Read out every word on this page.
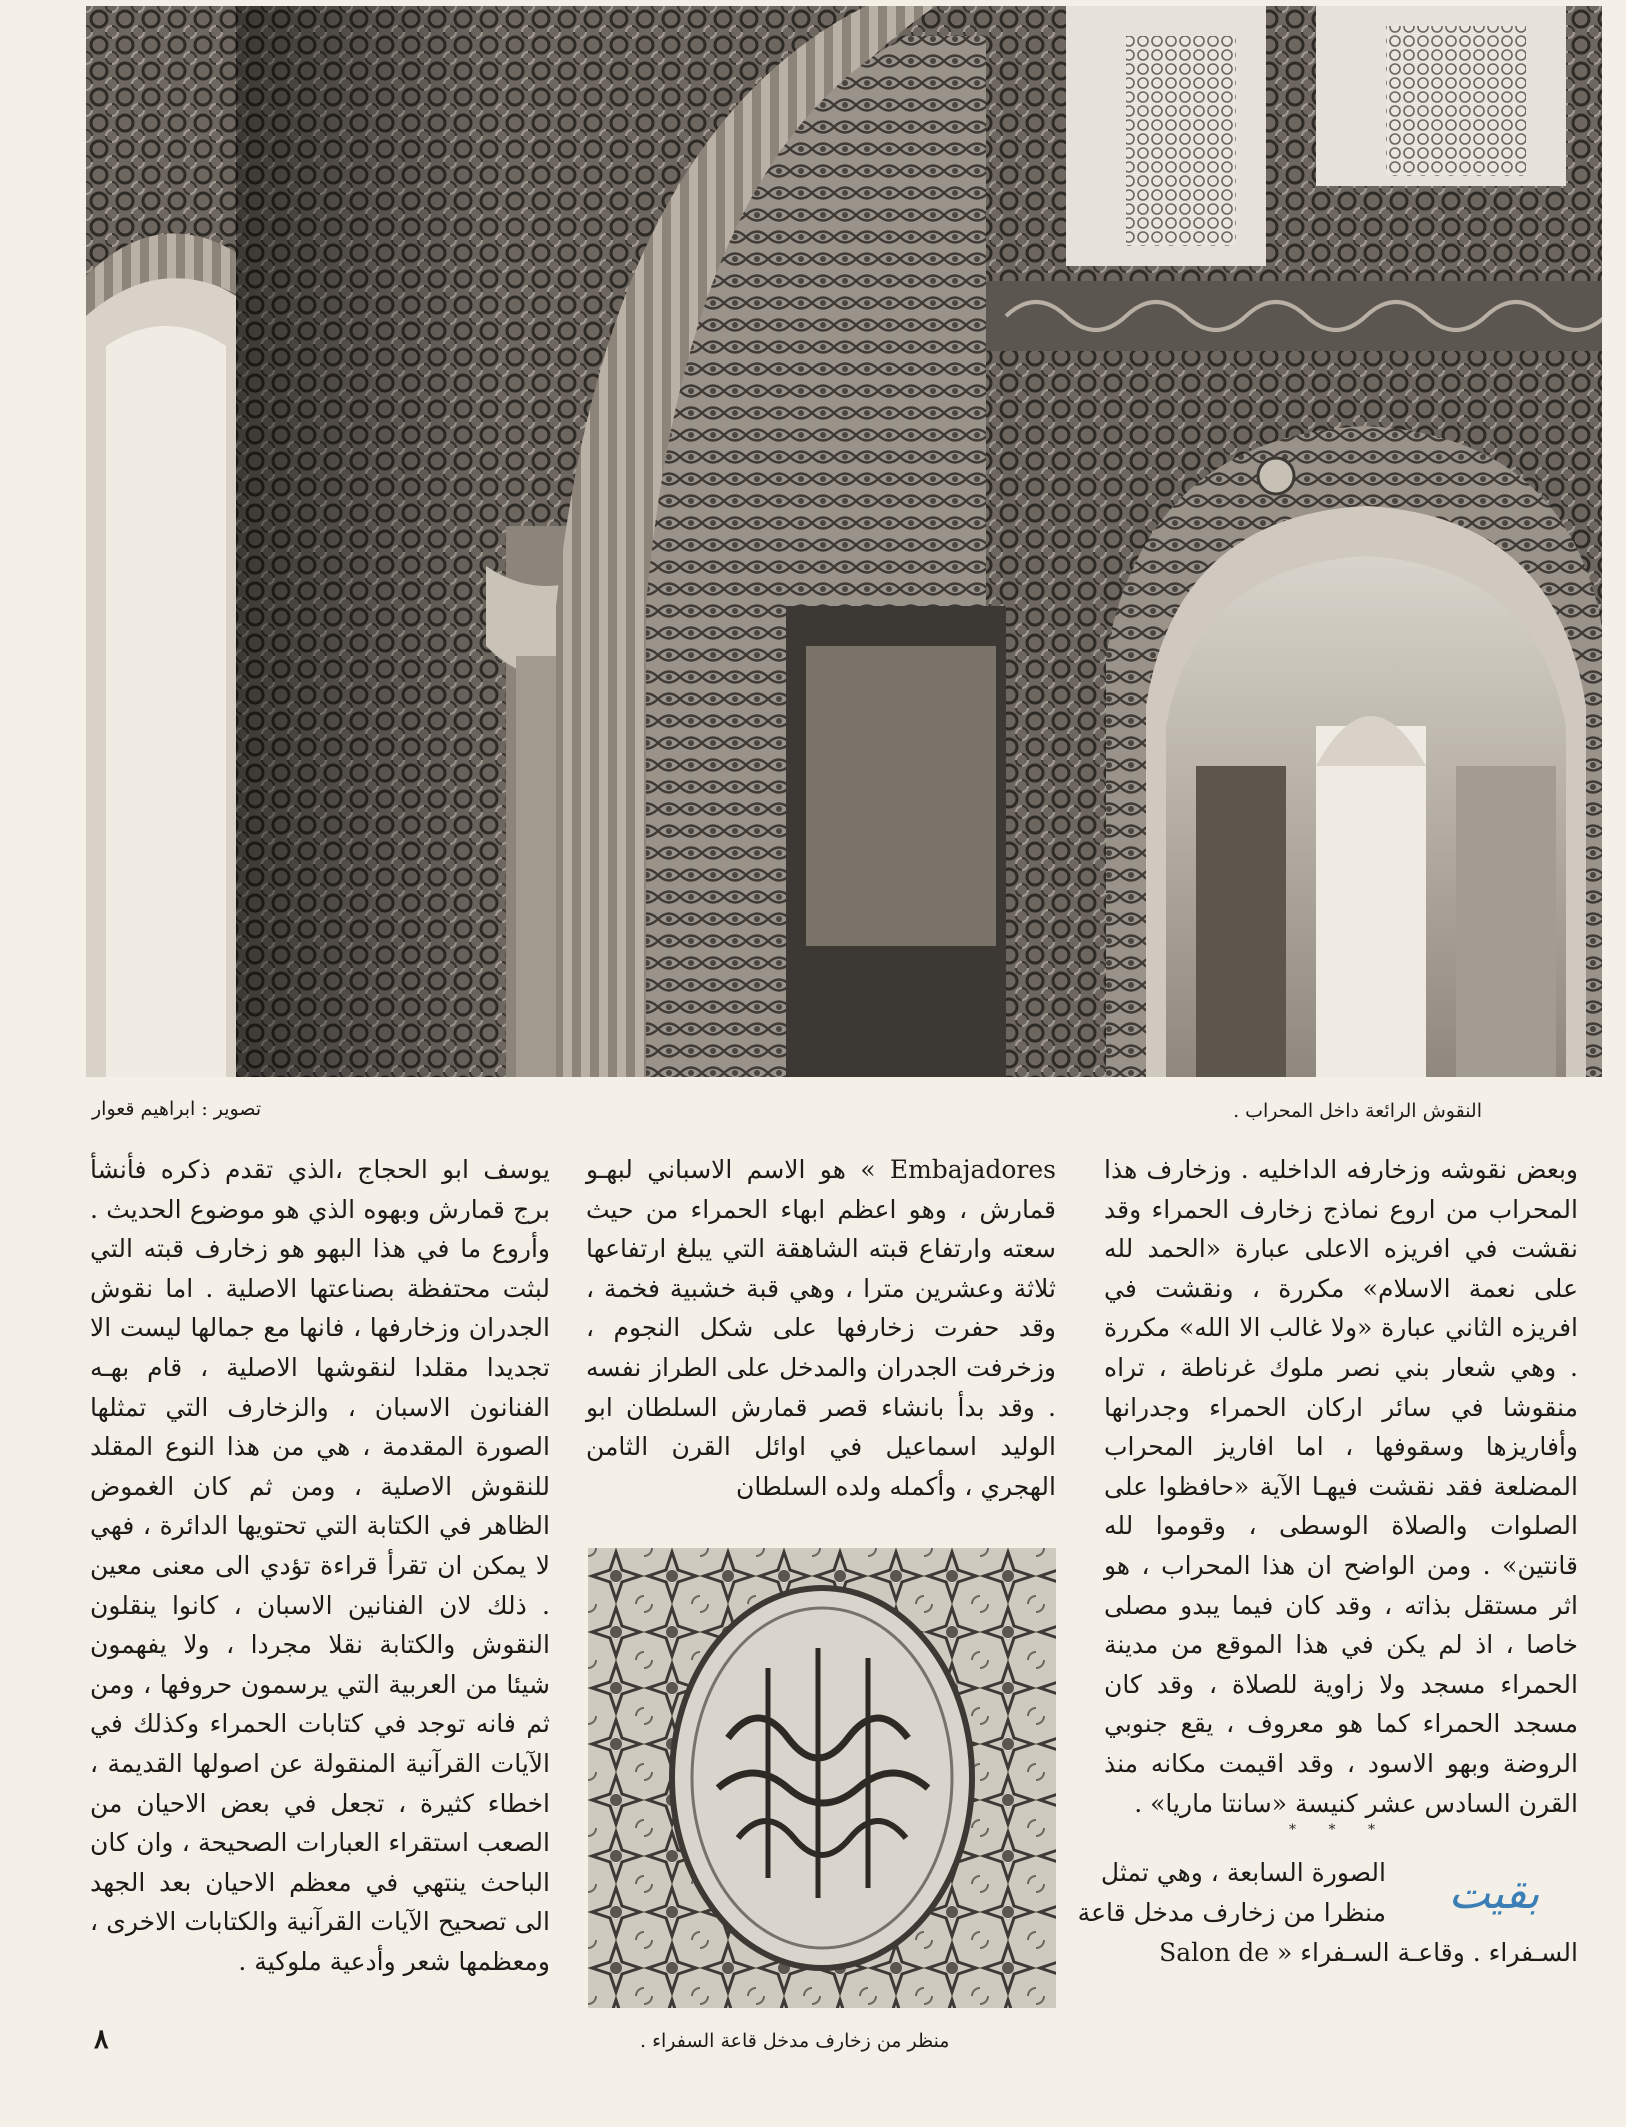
النقوش الرائعة داخل المحراب .
تصوير : ابراهيم قعوار

وبعض نقوشه وزخارفه الداخليه . وزخارف هذا المحراب من اروع نماذج زخارف الحمراء وقد نقشت في افريزه الاعلى عبارة «الحمد لله على نعمة الاسلام» مكررة ، ونقشت في افريزه الثاني عبارة «ولا غالب الا الله» مكررة . وهي شعار بني نصر ملوك غرناطة ، تراه منقوشا في سائر اركان الحمراء وجدرانها وأفاريزها وسقوفها ، اما افاريز المحراب المضلعة فقد نقشت فيهـا الآية «حافظوا على الصلوات والصلاة الوسطى ، وقوموا لله قانتين» . ومن الواضح ان هذا المحراب ، هو اثر مستقل بذاته ، وقد كان فيما يبدو مصلى خاصا ، اذ لم يكن في هذا الموقع من مدينة الحمراء مسجد ولا زاوية للصلاة ، وقد كان مسجد الحمراء كما هو معروف ، يقع جنوبي الروضة وبهو الاسود ، وقد اقيمت مكانه منذ القرن السادس عشر كنيسة «سانتا ماريا» .

* * *
بقيت
الصورة السابعة ، وهي تمثل
منظرا من زخارف مدخل قاعة
السـفراء . وقاعـة السـفراء « Salon de

Embajadores » هو الاسم الاسباني لبهـو قمارش ، وهو اعظم ابهاء الحمراء من حيث سعته وارتفاع قبته الشاهقة التي يبلغ ارتفاعها ثلاثة وعشرين مترا ، وهي قبة خشبية فخمة ، وقد حفرت زخارفها على شكل النجوم ، وزخرفت الجدران والمدخل على الطراز نفسه . وقد بدأ بانشاء قصر قمارش السلطان ابو الوليد اسماعيل في اوائل القرن الثامن الهجري ، وأكمله ولده السلطان

منظر من زخارف مدخل قاعة السفراء .

يوسف ابو الحجاج ،الذي تقدم ذكره فأنشأ برج قمارش وبهوه الذي هو موضوع الحديث . وأروع ما في هذا البهو هو زخارف قبته التي لبثت محتفظة بصناعتها الاصلية . اما نقوش الجدران وزخارفها ، فانها مع جمالها ليست الا تجديدا مقلدا لنقوشها الاصلية ، قام بهـه الفنانون الاسبان ، والزخارف التي تمثلها الصورة المقدمة ، هي من هذا النوع المقلد للنقوش الاصلية ، ومن ثم كان الغموض الظاهر في الكتابة التي تحتويها الدائرة ، فهي لا يمكن ان تقرأ قراءة تؤدي الى معنى معين . ذلك لان الفنانين الاسبان ، كانوا ينقلون النقوش والكتابة نقلا مجردا ، ولا يفهمون شيئا من العربية التي يرسمون حروفها ، ومن ثم فانه توجد في كتابات الحمراء وكذلك في الآيات القرآنية المنقولة عن اصولها القديمة ، اخطاء كثيرة ، تجعل في بعض الاحيان من الصعب استقراء العبارات الصحيحة ، وان كان الباحث ينتهي في معظم الاحيان بعد الجهد الى تصحيح الآيات القرآنية والكتابات الاخرى ، ومعظمها شعر وأدعية ملوكية .

٨
